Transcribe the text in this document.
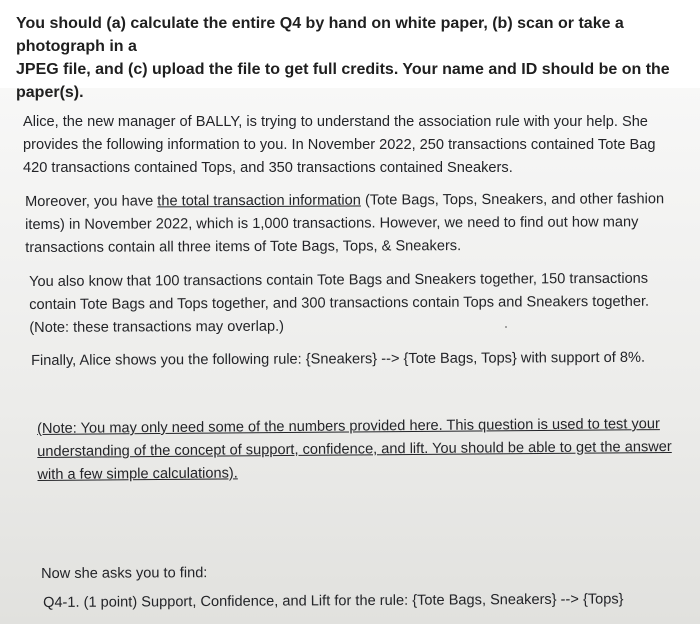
You should (a) calculate the entire Q4 by hand on white paper, (b) scan or take a photograph in a
JPEG file, and (c) upload the file to get full credits. Your name and ID should be on the paper(s).

Alice, the new manager of BALLY, is trying to understand the association rule with your help. She
provides the following information to you. In November 2022, 250 transactions contained Tote Bag
420 transactions contained Tops, and 350 transactions contained Sneakers.

Moreover, you have the total transaction information (Tote Bags, Tops, Sneakers, and other fashion
items) in November 2022, which is 1,000 transactions. However, we need to find out how many
transactions contain all three items of Tote Bags, Tops, & Sneakers.

You also know that 100 transactions contain Tote Bags and Sneakers together, 150 transactions
contain Tote Bags and Tops together, and 300 transactions contain Tops and Sneakers together.
(Note: these transactions may overlap.)

Finally, Alice shows you the following rule: {Sneakers} --> {Tote Bags, Tops} with support of 8%.

(Note: You may only need some of the numbers provided here. This question is used to test your
understanding of the concept of support, confidence, and lift. You should be able to get the answer
with a few simple calculations).

Now she asks you to find:

Q4-1. (1 point) Support, Confidence, and Lift for the rule: {Tote Bags, Sneakers} --> {Tops}
